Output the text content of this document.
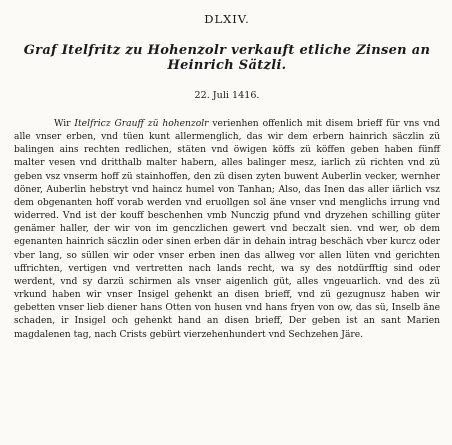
DLXIV.
Graf Itelfritz zu Hohenzolr verkauft etliche Zinsen an Heinrich Sätzli.
22. Juli 1416.

Wir Itelfricz Grauff zü hohenzolr verienhen offenlich mit disem brieff für vns vnd alle vnser erben, vnd tüen kunt allermenglich, das wir dem erbern hainrich säczlin zü balingen ains rechten redlichen, stäten vnd öwigen köffs zü köffen geben haben fünff malter vesen vnd dritthalb malter habern, alles balinger mesz, iarlich zü richten vnd zü geben vsz vnserm hoff zü stainhoffen, den zü disen zyten buwent Auberlin vecker, wernher döner, Auberlin hebstryt vnd haincz humel von Tanhan; Also, das Inen das aller iärlich vsz dem obgenanten hoff vorab werden vnd eruollgen sol äne vnser vnd menglichs irrung vnd widerred. Vnd ist der kouff beschenhen vmb Nunczig pfund vnd dryzehen schilling güter genämer haller, der wir von im genczlichen gewert vnd beczalt sien. vnd wer, ob dem egenanten hainrich säczlin oder sinen erben där in dehain intrag beschäch vber kurcz oder vber lang, so süllen wir oder vnser erben inen das allweg vor allen lüten vnd gerichten uffrichten, vertigen vnd vertretten nach lands recht, wa sy des notdürfftig sind oder werdent, vnd sy darzü schirmen als vnser aigenlich güt, alles vngeuarlich. vnd des zü vrkund haben wir vnser Insigel gehenkt an disen brieff, vnd zü gezugnusz haben wir gebetten vnser lieb diener hans Otten von husen vnd hans fryen von ow, das sü, Inselb äne schaden, ir Insigel och gehenkt hand an disen brieff, Der geben ist an sant Marien magdalenen tag, nach Crists gebürt vierzehenhundert vnd Sechzehen Järe.
